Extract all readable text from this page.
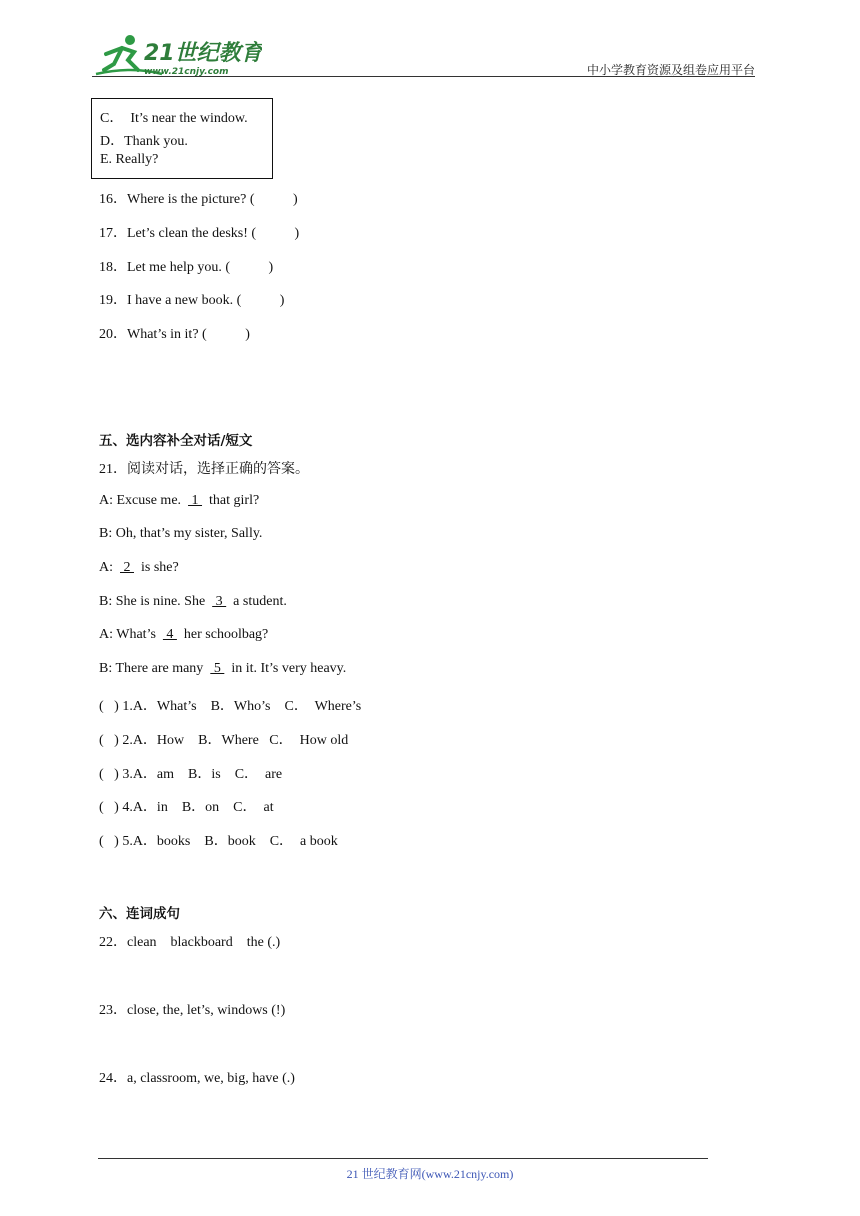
21世纪教育
www.21cnjy.com	中小学教育资源及组卷应用平台
C．  It’s near the window.
D．Thank you.
E. Really?
16．Where is the picture? (           )
17．Let’s clean the desks! (           )
18．Let me help you. (           )
19．I have a new book. (           )
20．What’s in it? (           )
五、选内容补全对话/短文
21．阅读对话，选择正确的答案。
A: Excuse me.   1   that girl?
B: Oh, that’s my sister, Sally.
A:   2   is she?
B: She is nine. She   3   a student.
A: What’s   4   her schoolbag?
B: There are many   5   in it. It’s very heavy.
(   ) 1.A．What’s    B．Who’s    C．  Where’s
(   ) 2.A．How    B．Where   C．  How old
(   ) 3.A．am    B．is    C．  are
(   ) 4.A．in    B．on    C．  at
(   ) 5.A．books    B．book    C．  a book
六、连词成句
22．clean    blackboard    the (.)
23．close, the, let’s, windows (!)
24．a, classroom, we, big, have (.)
21 世纪教育网(www.21cnjy.com)
